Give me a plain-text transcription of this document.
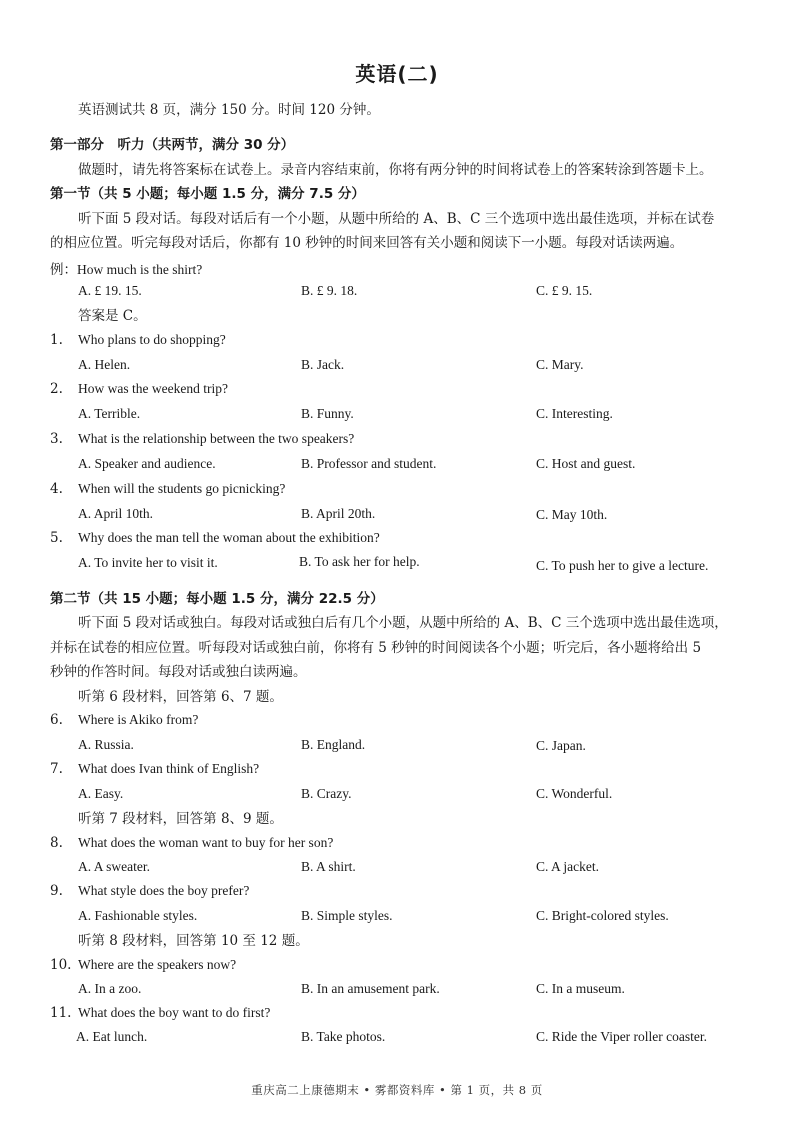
英语(二)
英语测试共 8 页，满分 150 分。时间 120 分钟。
第一部分　听力（共两节，满分 30 分）
做题时，请先将答案标在试卷上。录音内容结束前，你将有两分钟的时间将试卷上的答案转涂到答题卡上。
第一节（共 5 小题；每小题 1.5 分，满分 7.5 分）
听下面 5 段对话。每段对话后有一个小题，从题中所给的 A、B、C 三个选项中选出最佳选项，并标在试卷
的相应位置。听完每段对话后，你都有 10 秒钟的时间来回答有关小题和阅读下一小题。每段对话读两遍。
例：How much is the shirt?
A. £ 19. 15.	B. £ 9. 18.	C. £ 9. 15.
答案是 C。
1. Who plans to do shopping?
A. Helen.	B. Jack.	C. Mary.
2. How was the weekend trip?
A. Terrible.	B. Funny.	C. Interesting.
3. What is the relationship between the two speakers?
A. Speaker and audience.	B. Professor and student.	C. Host and guest.
4. When will the students go picnicking?
A. April 10th.	B. April 20th.	C. May 10th.
5. Why does the man tell the woman about the exhibition?
A. To invite her to visit it.	B. To ask her for help.	C. To push her to give a lecture.
第二节（共 15 小题；每小题 1.5 分，满分 22.5 分）
听下面 5 段对话或独白。每段对话或独白后有几个小题，从题中所给的 A、B、C 三个选项中选出最佳选项，
并标在试卷的相应位置。听每段对话或独白前，你将有 5 秒钟的时间阅读各个小题；听完后，各小题将给出 5
秒钟的作答时间。每段对话或独白读两遍。
听第 6 段材料，回答第 6、7 题。
6. Where is Akiko from?
A. Russia.	B. England.	C. Japan.
7. What does Ivan think of English?
A. Easy.	B. Crazy.	C. Wonderful.
听第 7 段材料，回答第 8、9 题。
8. What does the woman want to buy for her son?
A. A sweater.	B. A shirt.	C. A jacket.
9. What style does the boy prefer?
A. Fashionable styles.	B. Simple styles.	C. Bright-colored styles.
听第 8 段材料，回答第 10 至 12 题。
10. Where are the speakers now?
A. In a zoo.	B. In an amusement park.	C. In a museum.
11. What does the boy want to do first?
A. Eat lunch.	B. Take photos.	C. Ride the Viper roller coaster.
重庆高二上康德期末 • 雾都资料库 • 第 1 页，共 8 页
